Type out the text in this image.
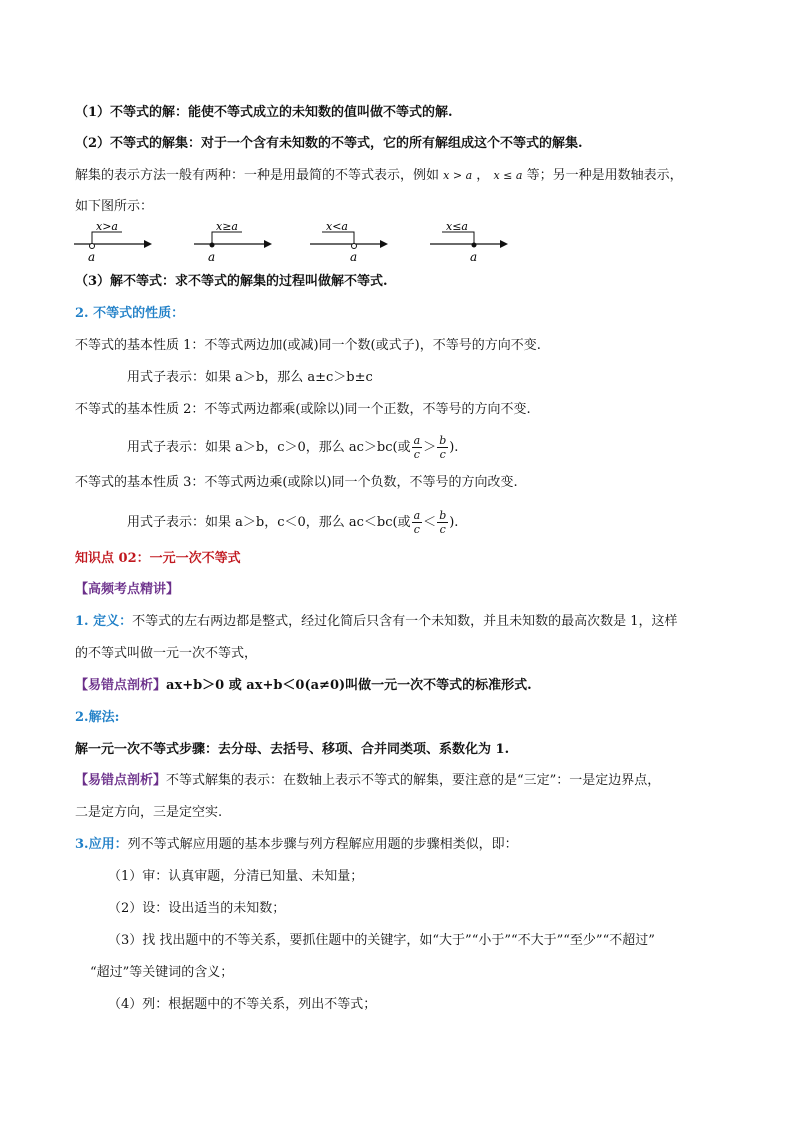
（1）不等式的解：能使不等式成立的未知数的值叫做不等式的解.
（2）不等式的解集：对于一个含有未知数的不等式，它的所有解组成这个不等式的解集.
解集的表示方法一般有两种：一种是用最简的不等式表示，例如 x > a ， x ≤ a 等；另一种是用数轴表示，
如下图所示：
x>a
a
x≥a
a
x<a
a
x≤a
a
（3）解不等式：求不等式的解集的过程叫做解不等式.
2. 不等式的性质：
不等式的基本性质 1：不等式两边加(或减)同一个数(或式子)，不等号的方向不变.
用式子表示：如果 a＞b，那么 a±c＞b±c
不等式的基本性质 2：不等式两边都乘(或除以)同一个正数，不等号的方向不变.
用式子表示：如果 a＞b，c＞0，那么 ac＞bc(或 $\frac{a}{c} > \frac{b}{c}$ ).
不等式的基本性质 3：不等式两边乘(或除以)同一个负数，不等号的方向改变.
用式子表示：如果 a＞b，c＜0，那么 ac＜bc(或 $\frac{a}{c} < \frac{b}{c}$ ).
知识点 02：一元一次不等式
【高频考点精讲】
1. 定义：不等式的左右两边都是整式，经过化简后只含有一个未知数，并且未知数的最高次数是 1，这样
的不等式叫做一元一次不等式，
【易错点剖析】ax+b＞0 或 ax+b＜0(a≠0)叫做一元一次不等式的标准形式.
2.解法:
解一元一次不等式步骤：去分母、去括号、移项、合并同类项、系数化为 1.
【易错点剖析】不等式解集的表示：在数轴上表示不等式的解集，要注意的是“三定”：一是定边界点，
二是定方向，三是定空实.
3.应用：列不等式解应用题的基本步骤与列方程解应用题的步骤相类似，即：
（1）审：认真审题，分清已知量、未知量；
（2）设：设出适当的未知数；
（3）找 找出题中的不等关系，要抓住题中的关键字，如“大于”“小于”“不大于”“至少”“不超过”
“超过”等关键词的含义；
（4）列：根据题中的不等关系，列出不等式；
